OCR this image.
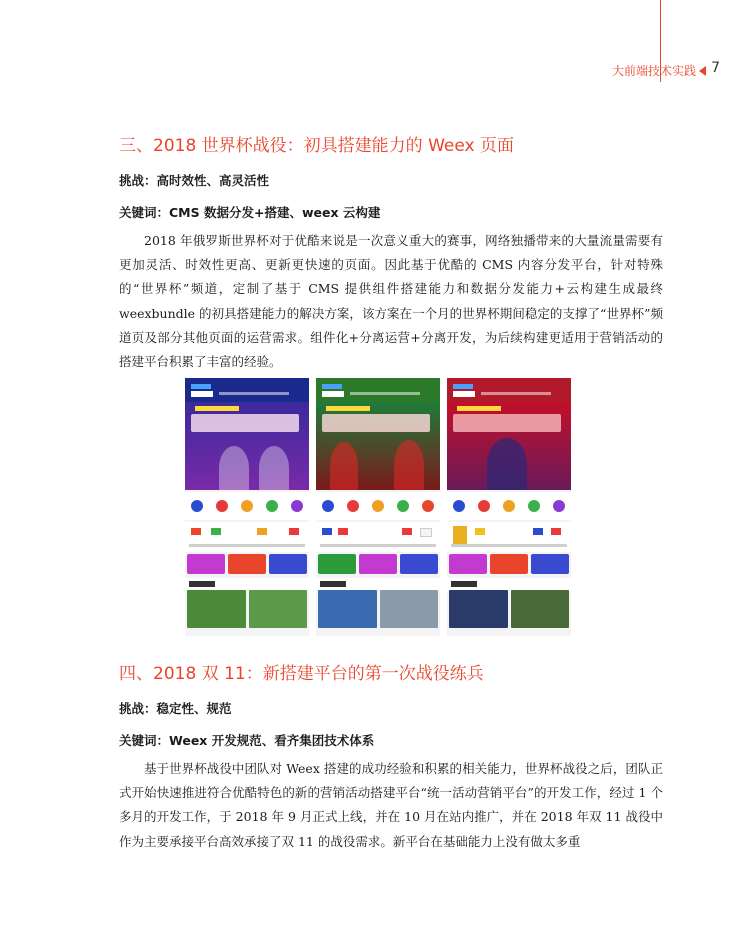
大前端技术实践 7
三、2018 世界杯战役：初具搭建能力的 Weex 页面
挑战：高时效性、高灵活性
关键词：CMS 数据分发+搭建、weex 云构建

2018 年俄罗斯世界杯对于优酷来说是一次意义重大的赛事，网络独播带来的大量流量需要有更加灵活、时效性更高、更新更快速的页面。因此基于优酷的 CMS 内容分发平台，针对特殊的“世界杯”频道，定制了基于 CMS 提供组件搭建能力和数据分发能力+云构建生成最终 weexbundle 的初具搭建能力的解决方案，该方案在一个月的世界杯期间稳定的支撑了“世界杯”频道页及部分其他页面的运营需求。组件化+分离运营+分离开发，为后续构建更适用于营销活动的搭建平台积累了丰富的经验。

四、2018 双 11：新搭建平台的第一次战役练兵
挑战：稳定性、规范
关键词：Weex 开发规范、看齐集团技术体系

基于世界杯战役中团队对 Weex 搭建的成功经验和积累的相关能力，世界杯战役之后，团队正式开始快速推进符合优酷特色的新的营销活动搭建平台“统一活动营销平台”的开发工作，经过 1 个多月的开发工作，于 2018 年 9 月正式上线，并在 10 月在站内推广，并在 2018 年双 11 战役中作为主要承接平台高效承接了双 11 的战役需求。新平台在基础能力上没有做太多重
